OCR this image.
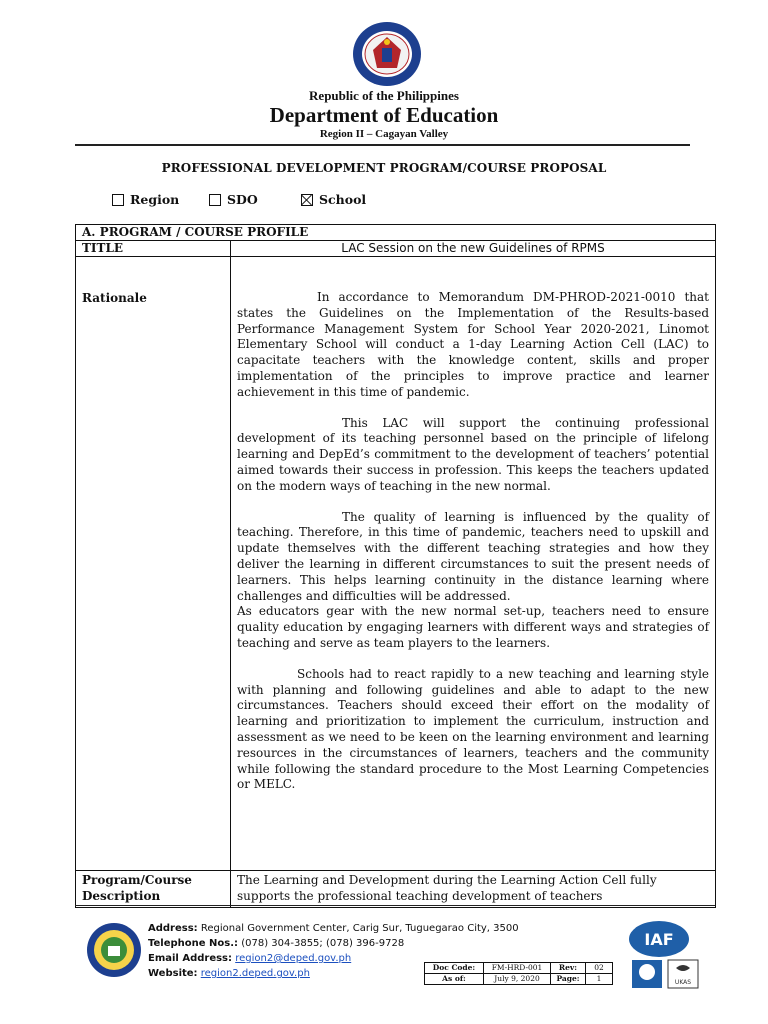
Republic of the Philippines
Department of Education
Region II – Cagayan Valley
PROFESSIONAL DEVELOPMENT PROGRAM/COURSE PROPOSAL
Region	SDO	School
A. PROGRAM / COURSE PROFILE	
TITLE	LAC Session on the new Guidelines of RPMS
Rationale	In accordance to Memorandum DM-PHROD-2021-0010 that states the Guidelines on the Implementation of the Results-based Performance Management System for School Year 2020-2021, Linomot Elementary School will conduct a 1-day Learning Action Cell (LAC) to capacitate teachers with the knowledge content, skills and proper implementation of the principles to improve practice and learner achievement in this time of pandemic.

This LAC will support the continuing professional development of its teaching personnel based on the principle of lifelong learning and DepEd’s commitment to the development of teachers’ potential aimed towards their success in profession. This keeps the teachers updated on the modern ways of teaching in the new normal.

The quality of learning is influenced by the quality of teaching. Therefore, in this time of pandemic, teachers need to upskill and update themselves with the different teaching strategies and how they deliver the learning in different circumstances to suit the present needs of learners. This helps learning continuity in the distance learning where challenges and difficulties will be addressed.

As educators gear with the new normal set-up, teachers need to ensure quality education by engaging learners with different ways and strategies of teaching and serve as team players to the learners.

Schools had to react rapidly to a new teaching and learning style with planning and following guidelines and able to adapt to the new circumstances. Teachers should exceed their effort on the modality of learning and prioritization to implement the curriculum, instruction and assessment as we need to be keen on the learning environment and learning resources in the circumstances of learners, teachers and the community while following the standard procedure to the Most Learning Competencies or MELC.

Program/Course Description	The Learning and Development during the Learning Action Cell fully supports the professional teaching development of teachers
Address: Regional Government Center, Carig Sur, Tuguegarao City, 3500
Telephone Nos.: (078) 304-3855; (078) 396-9728
Email Address: region2@deped.gov.ph
Website: region2.deped.gov.ph
Doc Code:	FM-HRD-001	Rev:	02
As of:	July 9, 2020	Page:	1
IAF
UKAS
